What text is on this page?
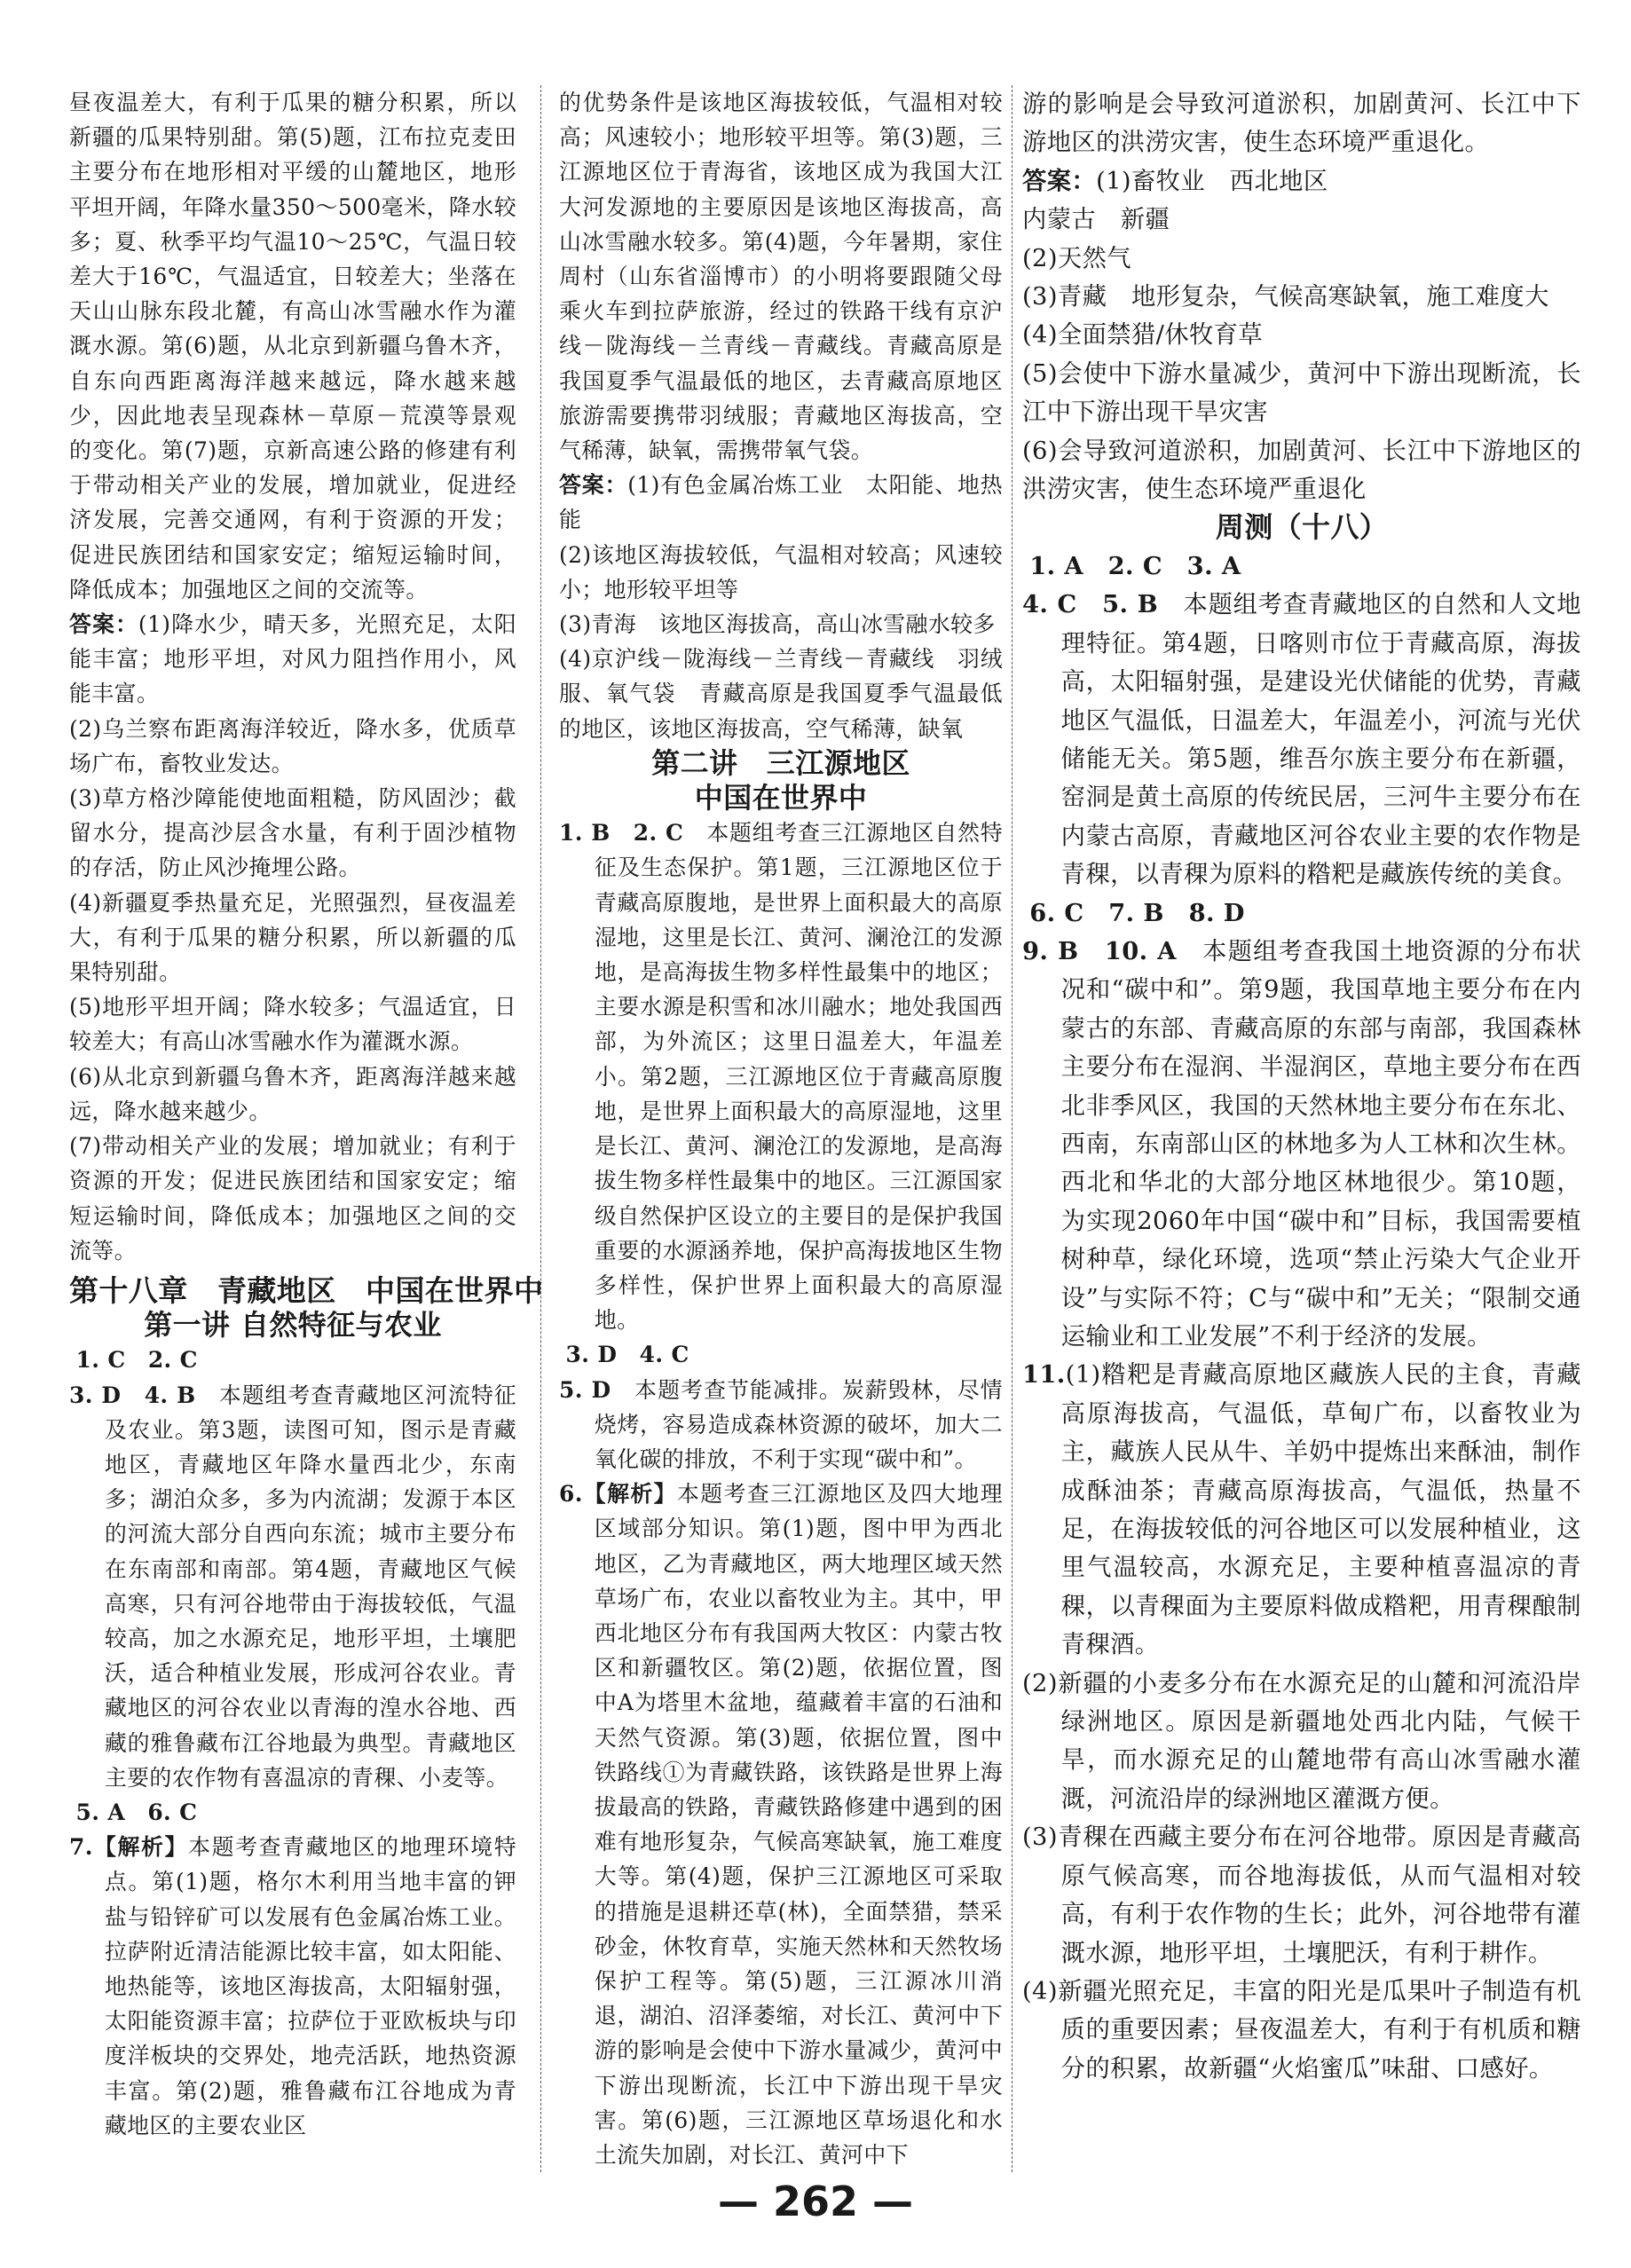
昼夜温差大，有利于瓜果的糖分积累，所以新疆的瓜果特别甜。第(5)题，江布拉克麦田主要分布在地形相对平缓的山麓地区，地形平坦开阔，年降水量350～500毫米，降水较多；夏、秋季平均气温10～25℃，气温日较差大于16℃，气温适宜，日较差大；坐落在天山山脉东段北麓，有高山冰雪融水作为灌溉水源。第(6)题，从北京到新疆乌鲁木齐，自东向西距离海洋越来越远，降水越来越少，因此地表呈现森林－草原－荒漠等景观的变化。第(7)题，京新高速公路的修建有利于带动相关产业的发展，增加就业，促进经济发展，完善交通网，有利于资源的开发；促进民族团结和国家安定；缩短运输时间，降低成本；加强地区之间的交流等。

答案：(1)降水少，晴天多，光照充足，太阳能丰富；地形平坦，对风力阻挡作用小，风能丰富。

(2)乌兰察布距离海洋较近，降水多，优质草场广布，畜牧业发达。

(3)草方格沙障能使地面粗糙，防风固沙；截留水分，提高沙层含水量，有利于固沙植物的存活，防止风沙掩埋公路。

(4)新疆夏季热量充足，光照强烈，昼夜温差大，有利于瓜果的糖分积累，所以新疆的瓜果特别甜。

(5)地形平坦开阔；降水较多；气温适宜，日较差大；有高山冰雪融水作为灌溉水源。

(6)从北京到新疆乌鲁木齐，距离海洋越来越远，降水越来越少。

(7)带动相关产业的发展；增加就业；有利于资源的开发；促进民族团结和国家安定；缩短运输时间，降低成本；加强地区之间的交流等。

第十八章　青藏地区　中国在世界中

第一讲 自然特征与农业

1. C　2. C

3. D　4. B　本题组考查青藏地区河流特征及农业。第3题，读图可知，图示是青藏地区，青藏地区年降水量西北少，东南多；湖泊众多，多为内流湖；发源于本区的河流大部分自西向东流；城市主要分布在东南部和南部。第4题，青藏地区气候高寒，只有河谷地带由于海拔较低，气温较高，加之水源充足，地形平坦，土壤肥沃，适合种植业发展，形成河谷农业。青藏地区的河谷农业以青海的湟水谷地、西藏的雅鲁藏布江谷地最为典型。青藏地区主要的农作物有喜温凉的青稞、小麦等。

5. A　6. C

7.【解析】本题考查青藏地区的地理环境特点。第(1)题，格尔木利用当地丰富的钾盐与铅锌矿可以发展有色金属冶炼工业。拉萨附近清洁能源比较丰富，如太阳能、地热能等，该地区海拔高，太阳辐射强，太阳能资源丰富；拉萨位于亚欧板块与印度洋板块的交界处，地壳活跃，地热资源丰富。第(2)题，雅鲁藏布江谷地成为青藏地区的主要农业区

的优势条件是该地区海拔较低，气温相对较高；风速较小；地形较平坦等。第(3)题，三江源地区位于青海省，该地区成为我国大江大河发源地的主要原因是该地区海拔高，高山冰雪融水较多。第(4)题，今年暑期，家住周村（山东省淄博市）的小明将要跟随父母乘火车到拉萨旅游，经过的铁路干线有京沪线－陇海线－兰青线－青藏线。青藏高原是我国夏季气温最低的地区，去青藏高原地区旅游需要携带羽绒服；青藏地区海拔高，空气稀薄，缺氧，需携带氧气袋。

答案：(1)有色金属冶炼工业　太阳能、地热能

(2)该地区海拔较低，气温相对较高；风速较小；地形较平坦等

(3)青海　该地区海拔高，高山冰雪融水较多

(4)京沪线－陇海线－兰青线－青藏线　羽绒服、氧气袋　青藏高原是我国夏季气温最低的地区，该地区海拔高，空气稀薄，缺氧

第二讲　三江源地区

中国在世界中

1. B　2. C　本题组考查三江源地区自然特征及生态保护。第1题，三江源地区位于青藏高原腹地，是世界上面积最大的高原湿地，这里是长江、黄河、澜沧江的发源地，是高海拔生物多样性最集中的地区；主要水源是积雪和冰川融水；地处我国西部，为外流区；这里日温差大，年温差小。第2题，三江源地区位于青藏高原腹地，是世界上面积最大的高原湿地，这里是长江、黄河、澜沧江的发源地，是高海拔生物多样性最集中的地区。三江源国家级自然保护区设立的主要目的是保护我国重要的水源涵养地，保护高海拔地区生物多样性，保护世界上面积最大的高原湿地。

3. D　4. C

5. D　本题考查节能减排。炭薪毁林，尽情烧烤，容易造成森林资源的破坏，加大二氧化碳的排放，不利于实现“碳中和”。

6.【解析】本题考查三江源地区及四大地理区域部分知识。第(1)题，图中甲为西北地区，乙为青藏地区，两大地理区域天然草场广布，农业以畜牧业为主。其中，甲西北地区分布有我国两大牧区：内蒙古牧区和新疆牧区。第(2)题，依据位置，图中A为塔里木盆地，蕴藏着丰富的石油和天然气资源。第(3)题，依据位置，图中铁路线①为青藏铁路，该铁路是世界上海拔最高的铁路，青藏铁路修建中遇到的困难有地形复杂，气候高寒缺氧，施工难度大等。第(4)题，保护三江源地区可采取的措施是退耕还草(林)，全面禁猎，禁采砂金，休牧育草，实施天然林和天然牧场保护工程等。第(5)题，三江源冰川消退，湖泊、沼泽萎缩，对长江、黄河中下游的影响是会使中下游水量减少，黄河中下游出现断流，长江中下游出现干旱灾害。第(6)题，三江源地区草场退化和水土流失加剧，对长江、黄河中下

游的影响是会导致河道淤积，加剧黄河、长江中下游地区的洪涝灾害，使生态环境严重退化。

答案：(1)畜牧业　西北地区

内蒙古　新疆

(2)天然气

(3)青藏　地形复杂，气候高寒缺氧，施工难度大

(4)全面禁猎/休牧育草

(5)会使中下游水量减少，黄河中下游出现断流，长江中下游出现干旱灾害

(6)会导致河道淤积，加剧黄河、长江中下游地区的洪涝灾害，使生态环境严重退化

周测（十八）

1. A　2. C　3. A

4. C　5. B　本题组考查青藏地区的自然和人文地理特征。第4题，日喀则市位于青藏高原，海拔高，太阳辐射强，是建设光伏储能的优势，青藏地区气温低，日温差大，年温差小，河流与光伏储能无关。第5题，维吾尔族主要分布在新疆，窑洞是黄土高原的传统民居，三河牛主要分布在内蒙古高原，青藏地区河谷农业主要的农作物是青稞，以青稞为原料的糌粑是藏族传统的美食。

6. C　7. B　8. D

9. B　10. A　本题组考查我国土地资源的分布状况和“碳中和”。第9题，我国草地主要分布在内蒙古的东部、青藏高原的东部与南部，我国森林主要分布在湿润、半湿润区，草地主要分布在西北非季风区，我国的天然林地主要分布在东北、西南，东南部山区的林地多为人工林和次生林。西北和华北的大部分地区林地很少。第10题，为实现2060年中国“碳中和”目标，我国需要植树种草，绿化环境，选项“禁止污染大气企业开设”与实际不符；C与“碳中和”无关；“限制交通运输业和工业发展”不利于经济的发展。

11.(1)糌粑是青藏高原地区藏族人民的主食，青藏高原海拔高，气温低，草甸广布，以畜牧业为主，藏族人民从牛、羊奶中提炼出来酥油，制作成酥油茶；青藏高原海拔高，气温低，热量不足，在海拔较低的河谷地区可以发展种植业，这里气温较高，水源充足，主要种植喜温凉的青稞，以青稞面为主要原料做成糌粑，用青稞酿制青稞酒。

(2)新疆的小麦多分布在水源充足的山麓和河流沿岸绿洲地区。原因是新疆地处西北内陆，气候干旱，而水源充足的山麓地带有高山冰雪融水灌溉，河流沿岸的绿洲地区灌溉方便。

(3)青稞在西藏主要分布在河谷地带。原因是青藏高原气候高寒，而谷地海拔低，从而气温相对较高，有利于农作物的生长；此外，河谷地带有灌溉水源，地形平坦，土壤肥沃，有利于耕作。

(4)新疆光照充足，丰富的阳光是瓜果叶子制造有机质的重要因素；昼夜温差大，有利于有机质和糖分的积累，故新疆“火焰蜜瓜”味甜、口感好。

— 262 —
